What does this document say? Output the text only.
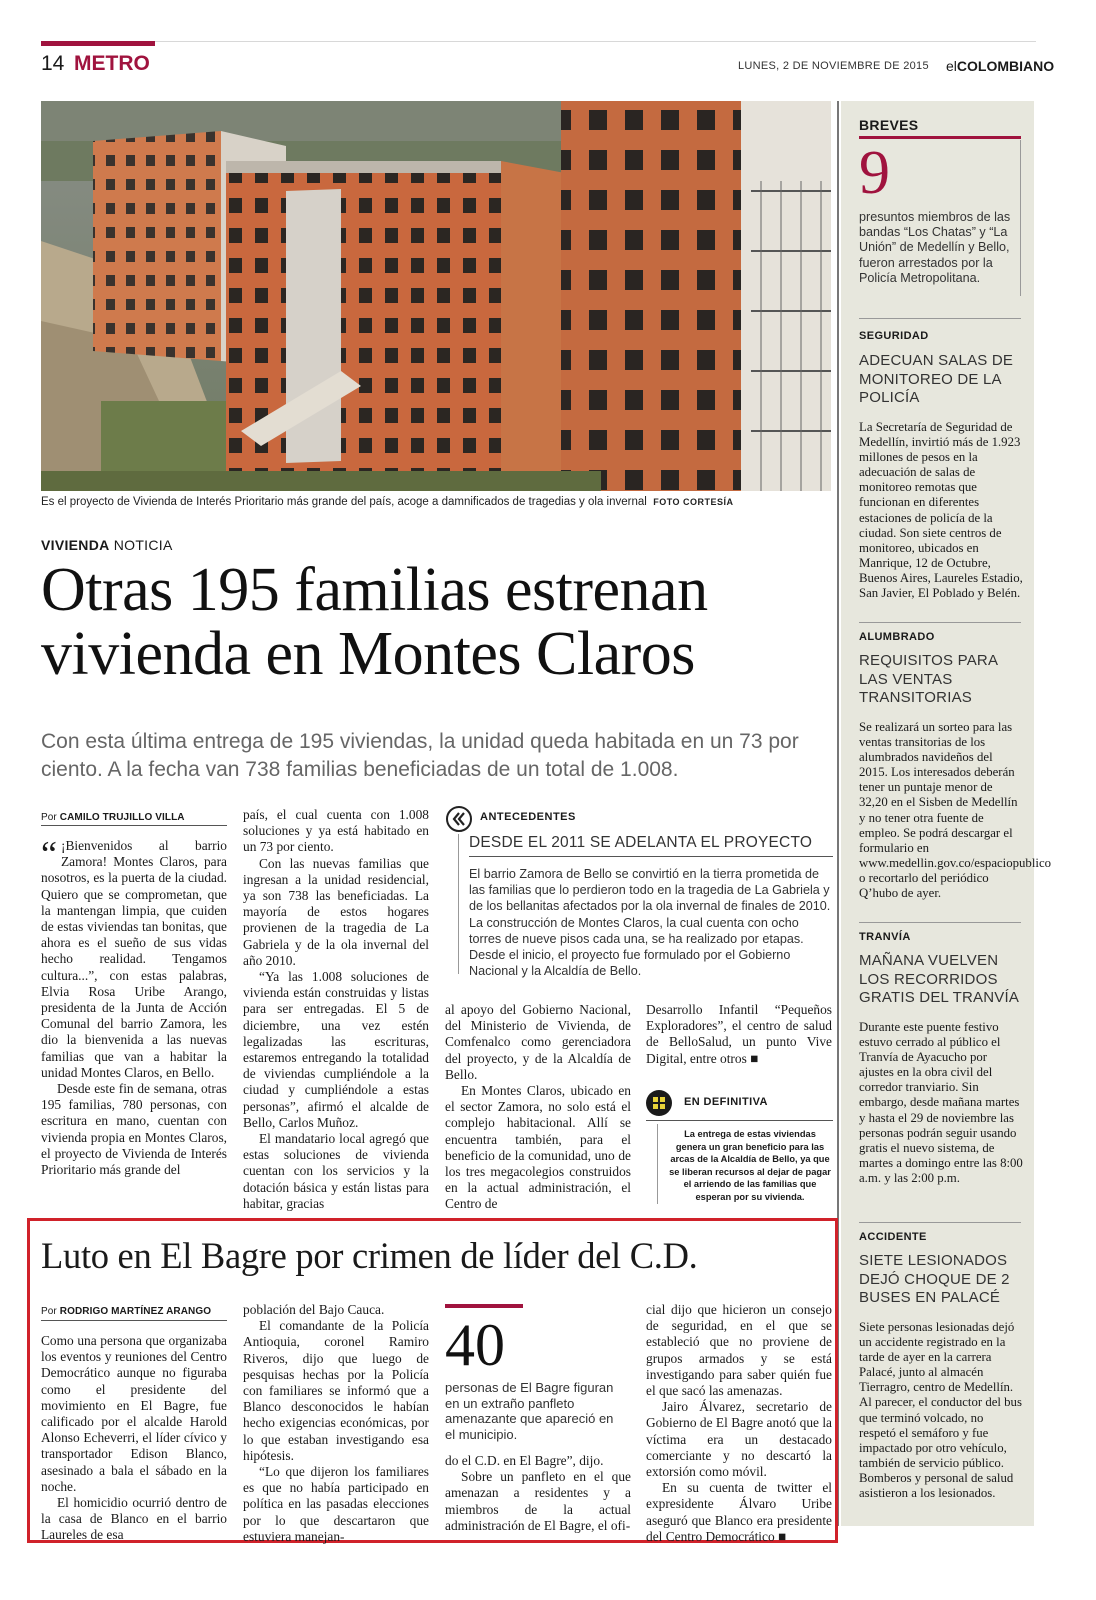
14 METRO	LUNES, 2 DE NOVIEMBRE DE 2015 elCOLOMBIANO
Es el proyecto de Vivienda de Interés Prioritario más grande del país, acoge a damnificados de tragedias y ola invernal FOTO CORTESÍA
VIVIENDA NOTICIA
Otras 195 familias estrenan
vivienda en Montes Claros
Con esta última entrega de 195 viviendas, la unidad queda habitada en un 73 por ciento. A la fecha van 738 familias beneficiadas de un total de 1.008.
Por CAMILO TRUJILLO VILLA

“ ¡Bienvenidos al barrio Zamora! Montes Claros, para nosotros, es la puerta de la ciudad. Quiero que se comprometan, que la mantengan limpia, que cuiden de estas viviendas tan bonitas, que ahora es el sueño de sus vidas hecho realidad. Tengamos cultura...”, con estas palabras, Elvia Rosa Uribe Arango, presidenta de la Junta de Acción Comunal del barrio Zamora, les dio la bienvenida a las nuevas familias que van a habitar la unidad Montes Claros, en Bello.

Desde este fin de semana, otras 195 familias, 780 personas, con escritura en mano, cuentan con vivienda propia en Montes Claros, el proyecto de Vivienda de Interés Prioritario más grande del

país, el cual cuenta con 1.008 soluciones y ya está habitado en un 73 por ciento.

Con las nuevas familias que ingresan a la unidad residencial, ya son 738 las beneficiadas. La mayoría de estos hogares provienen de la tragedia de La Gabriela y de la ola invernal del año 2010.

“Ya las 1.008 soluciones de vivienda están construidas y listas para ser entregadas. El 5 de diciembre, una vez estén legalizadas las escrituras, estaremos entregando la totalidad de viviendas cumpliéndole a la ciudad y cumpliéndole a estas personas”, afirmó el alcalde de Bello, Carlos Muñoz.

El mandatario local agregó que estas soluciones de vivienda cuentan con los servicios y la dotación básica y están listas para habitar, gracias

al apoyo del Gobierno Nacional, del Ministerio de Vivienda, de Comfenalco como gerenciadora del proyecto, y de la Alcaldía de Bello.

En Montes Claros, ubicado en el sector Zamora, no solo está el complejo habitacional. Allí se encuentra también, para el beneficio de la comunidad, uno de los tres megacolegios construidos en la actual administración, el Centro de

Desarrollo Infantil “Pequeños Exploradores”, el centro de salud de BelloSalud, un punto Vive Digital, entre otros ■

ANTECEDENTES
DESDE EL 2011 SE ADELANTA EL PROYECTO
El barrio Zamora de Bello se convirtió en la tierra prometida de las familias que lo perdieron todo en la tragedia de La Gabriela y de los bellanitas afectados por la ola invernal de finales de 2010. La construcción de Montes Claros, la cual cuenta con ocho torres de nueve pisos cada una, se ha realizado por etapas. Desde el inicio, el proyecto fue formulado por el Gobierno Nacional y la Alcaldía de Bello.
EN DEFINITIVA
La entrega de estas viviendas genera un gran beneficio para las arcas de la Alcaldía de Bello, ya que se liberan recursos al dejar de pagar el arriendo de las familias que esperan por su vivienda.
BREVES
9
presuntos miembros de las bandas “Los Chatas” y “La Unión” de Medellín y Bello, fueron arrestados por la Policía Metropolitana.
SEGURIDAD
ADECUAN SALAS DE MONITOREO DE LA POLICÍA
La Secretaría de Seguridad de Medellín, invirtió más de 1.923 millones de pesos en la adecuación de salas de monitoreo remotas que funcionan en diferentes estaciones de policía de la ciudad. Son siete centros de monitoreo, ubicados en Manrique, 12 de Octubre, Buenos Aires, Laureles Estadio, San Javier, El Poblado y Belén.
ALUMBRADO
REQUISITOS PARA LAS VENTAS TRANSITORIAS
Se realizará un sorteo para las ventas transitorias de los alumbrados navideños del 2015. Los interesados deberán tener un puntaje menor de 32,20 en el Sisben de Medellín y no tener otra fuente de empleo. Se podrá descargar el formulario en www.medellin.gov.co/espaciopublico o recortarlo del periódico Q’hubo de ayer.
TRANVÍA
MAÑANA VUELVEN LOS RECORRIDOS GRATIS DEL TRANVÍA
Durante este puente festivo estuvo cerrado al público el Tranvía de Ayacucho por ajustes en la obra civil del corredor tranviario. Sin embargo, desde mañana martes y hasta el 29 de noviembre las personas podrán seguir usando gratis el nuevo sistema, de martes a domingo entre las 8:00 a.m. y las 2:00 p.m.
ACCIDENTE
SIETE LESIONADOS DEJÓ CHOQUE DE 2 BUSES EN PALACÉ
Siete personas lesionadas dejó un accidente registrado en la tarde de ayer en la carrera Palacé, junto al almacén Tierragro, centro de Medellín. Al parecer, el conductor del bus que terminó volcado, no respetó el semáforo y fue impactado por otro vehículo, también de servicio público. Bomberos y personal de salud asistieron a los lesionados.
Luto en El Bagre por crimen de líder del C.D.
Por RODRIGO MARTÍNEZ ARANGO

Como una persona que organizaba los eventos y reuniones del Centro Democrático aunque no figuraba como el presidente del movimiento en El Bagre, fue calificado por el alcalde Harold Alonso Echeverri, el líder cívico y transportador Edison Blanco, asesinado a bala el sábado en la noche.

El homicidio ocurrió dentro de la casa de Blanco en el barrio Laureles de esa

población del Bajo Cauca.

El comandante de la Policía Antioquia, coronel Ramiro Riveros, dijo que luego de pesquisas hechas por la Policía con familiares se informó que a Blanco desconocidos le habían hecho exigencias económicas, por lo que estaban investigando esa hipótesis.

“Lo que dijeron los familiares es que no había participado en política en las pasadas elecciones por lo que descartaron que estuviera manejan-

40
personas de El Bagre figuran en un extraño panfleto amenazante que apareció en el municipio.

do el C.D. en El Bagre”, dijo.

Sobre un panfleto en el que amenazan a residentes y a miembros de la actual administración de El Bagre, el ofi-

cial dijo que hicieron un consejo de seguridad, en el que se estableció que no proviene de grupos armados y se está investigando para saber quién fue el que sacó las amenazas.

Jairo Álvarez, secretario de Gobierno de El Bagre anotó que la víctima era un destacado comerciante y no descartó la extorsión como móvil.

En su cuenta de twitter el expresidente Álvaro Uribe aseguró que Blanco era presidente del Centro Democrático ■
